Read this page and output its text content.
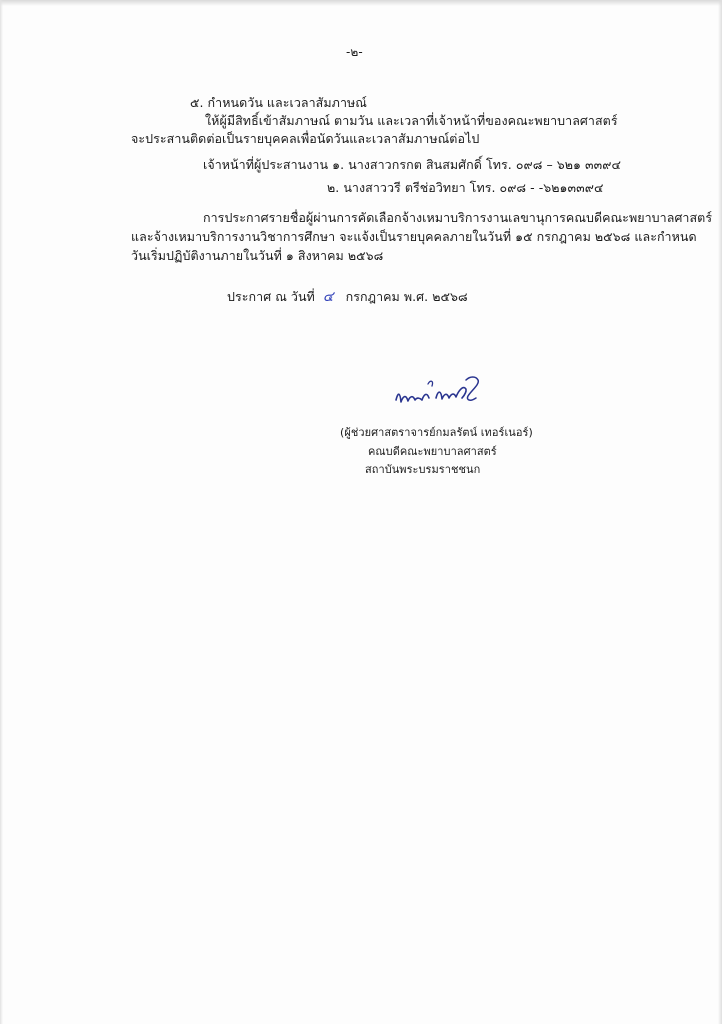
-๒-
๕. กำหนดวัน และเวลาสัมภาษณ์
ให้ผู้มีสิทธิ์เข้าสัมภาษณ์ ตามวัน และเวลาที่เจ้าหน้าที่ของคณะพยาบาลศาสตร์
จะประสานติดต่อเป็นรายบุคคลเพื่อนัดวันและเวลาสัมภาษณ์ต่อไป
เจ้าหน้าที่ผู้ประสานงาน ๑. นางสาวกรกต สินสมศักดิ์ โทร. ๐๙๘ – ๖๒๑ ๓๓๙๔
๒. นางสาววรี ตรีช่อวิทยา โทร. ๐๙๘ - -๖๒๑๓๓๙๔
การประกาศรายชื่อผู้ผ่านการคัดเลือกจ้างเหมาบริการงานเลขานุการคณบดีคณะพยาบาลศาสตร์
และจ้างเหมาบริการงานวิชาการศึกษา จะแจ้งเป็นรายบุคคลภายในวันที่ ๑๕ กรกฎาคม ๒๕๖๘ และกำหนด
วันเริ่มปฏิบัติงานภายในวันที่ ๑ สิงหาคม ๒๕๖๘
ประกาศ ณ วันที่ ๔ กรกฎาคม พ.ศ. ๒๕๖๘
(ผู้ช่วยศาสตราจารย์กมลรัตน์ เทอร์เนอร์)
คณบดีคณะพยาบาลศาสตร์
สถาบันพระบรมราชชนก
